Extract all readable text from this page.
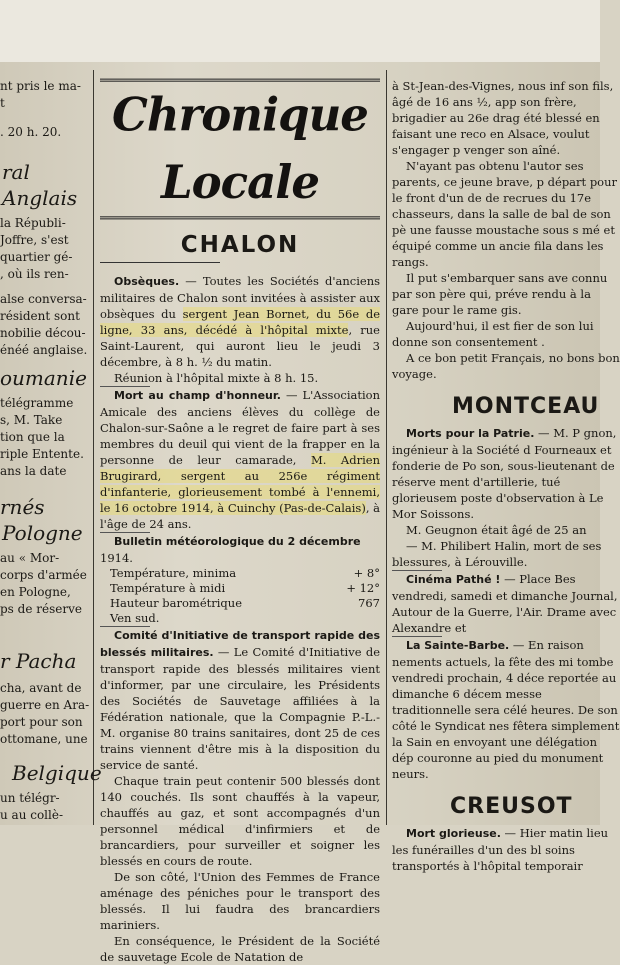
nt pris le ma-
t
. 20 h. 20.
ral
Anglais
la Républi-
Joffre, s'est
quartier gé-
, où ils ren-
alse conversa-
résident sont
nobilie décou-
énéé anglaise.
oumanie
télégramme
s, M. Take
tion que la
riple Entente.
ans la date
rnés
Pologne
au « Mor-
corps d'armée
en Pologne,
ps de réserve
r Pacha
cha, avant de
guerre en Ara-
port pour son
ottomane, une
Belgique
un télégr-
u au collè-
Chronique Locale
CHALON

Obsèques. — Toutes les Sociétés d'anciens militaires de Chalon sont invitées à assister aux obsèques du sergent Jean Bornet, du 56e de ligne, 33 ans, décédé à l'hôpital mixte, rue Saint-Laurent, qui auront lieu le jeudi 3 décembre, à 8 h. ½ du matin.

Réunion à l'hôpital mixte à 8 h. 15.

Mort au champ d'honneur. — L'Association Amicale des anciens élèves du collège de Chalon-sur-Saône a le regret de faire part à ses membres du deuil qui vient de la frapper en la personne de leur camarade, M. Adrien Brugirard, sergent au 256e régiment d'infanterie, glorieusement tombé à l'ennemi, le 16 octobre 1914, à Cuinchy (Pas-de-Calais), à l'âge de 24 ans.

Bulletin météorologique du 2 décembre

1914.

Température, minima	+ 8°
Température à midi	+ 12°
Hauteur barométrique	767
Ven sud.

Comité d'Initiative de transport rapide des blessés militaires. — Le Comité d'Initiative de transport rapide des blessés militaires vient d'informer, par une circulaire, les Présidents des Sociétés de Sauvetage affiliées à la Fédération nationale, que la Compagnie P.-L.-M. organise 80 trains sanitaires, dont 25 de ces trains viennent d'être mis à la disposition du service de santé.

Chaque train peut contenir 500 blessés dont 140 couchés. Ils sont chauffés à la vapeur, chauffés au gaz, et sont accompagnés d'un personnel médical d'infirmiers et de brancardiers, pour surveiller et soigner les blessés en cours de route.

De son côté, l'Union des Femmes de France aménage des péniches pour le transport des blessés. Il lui faudra des brancardiers mariniers.

En conséquence, le Président de la Société de sauvetage Ecole de Natation de

à St-Jean-des-Vignes, nous inf son fils, âgé de 16 ans ½, app son frère, brigadier au 26e drag été blessé en faisant une reco en Alsace, voulut s'engager p venger son aîné.

N'ayant pas obtenu l'autor ses parents, ce jeune brave, p départ pour le front d'un de de recrues du 17e chasseurs, dans la salle de bal de son pè une fausse moustache sous s mé et équipé comme un ancie fila dans les rangs.

Il put s'embarquer sans ave connu par son père qui, préve rendu à la gare pour le rame gis.

Aujourd'hui, il est fier de son lui donne son consentement .

A ce bon petit Français, no bons bon voyage.

MONTCEAU

Morts pour la Patrie. — M. P gnon, ingénieur à la Société d Fourneaux et fonderie de Po son, sous-lieutenant de réserve ment d'artillerie, tué glorieusem poste d'observation à Le Mor Soissons.

M. Geugnon était âgé de 25 an

— M. Philibert Halin, mort de ses blessures, à Lérouville.

Cinéma Pathé ! — Place Bes vendredi, samedi et dimanche Journal, Autour de la Guerre, l'Air. Drame avec Alexandre et

La Sainte-Barbe. — En raison nements actuels, la fête des mi tombe vendredi prochain, 4 déce reportée au dimanche 6 décem messe traditionnelle sera célé heures. De son côté le Syndicat nes fêtera simplement la Sain en envoyant une délégation dép couronne au pied du monument neurs.

CREUSOT

Mort glorieuse. — Hier matin lieu les funérailles d'un des bl soins transportés à l'hôpital temporair
